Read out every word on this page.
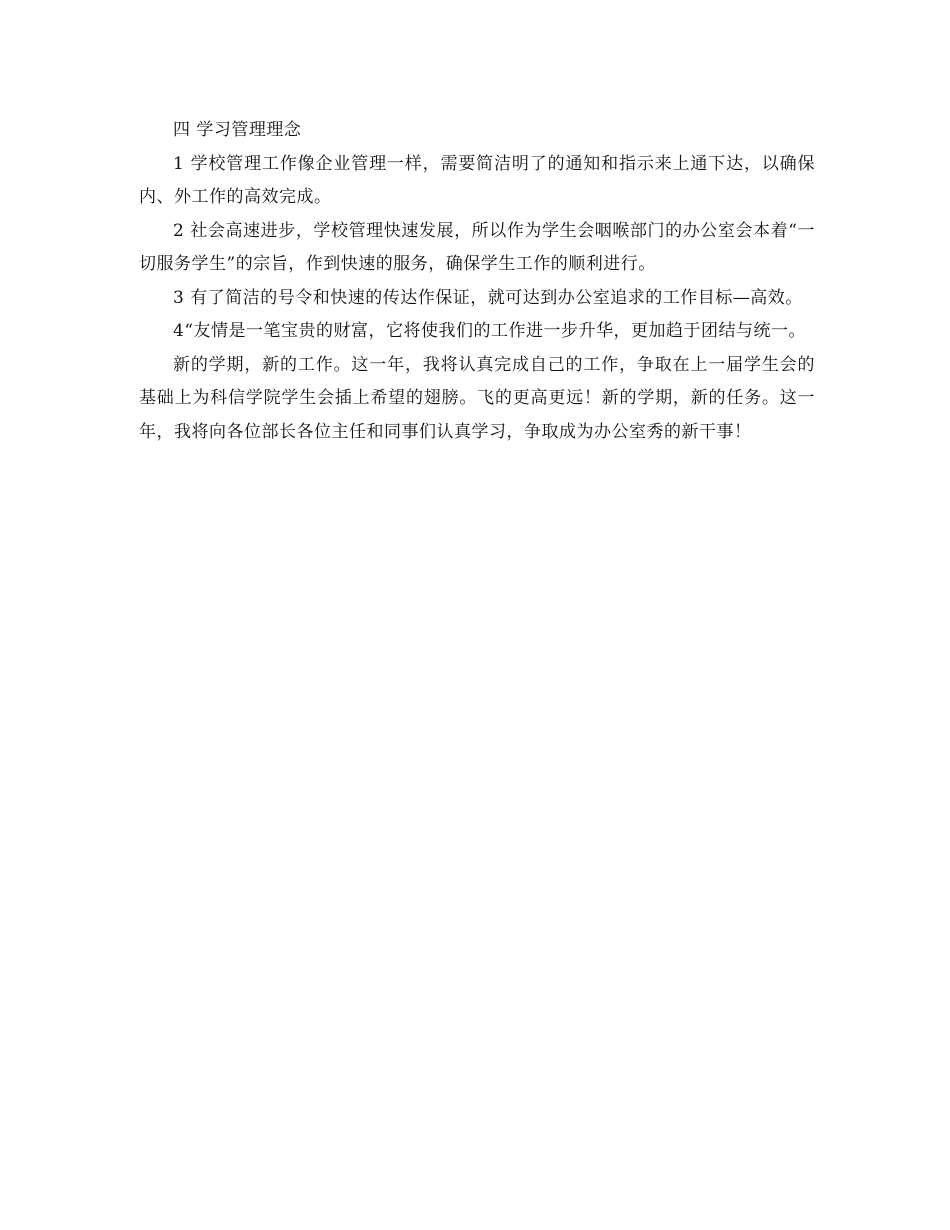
四 学习管理理念

1 学校管理工作像企业管理一样，需要简洁明了的通知和指示来上通下达，以确保内、外工作的高效完成。

2 社会高速进步，学校管理快速发展，所以作为学生会咽喉部门的办公室会本着“一切服务学生”的宗旨，作到快速的服务，确保学生工作的顺利进行。

3 有了简洁的号令和快速的传达作保证，就可达到办公室追求的工作目标—高效。

4“友情是一笔宝贵的财富，它将使我们的工作进一步升华，更加趋于团结与统一。

新的学期，新的工作。这一年，我将认真完成自己的工作，争取在上一届学生会的基础上为科信学院学生会插上希望的翅膀。飞的更高更远！新的学期，新的任务。这一年，我将向各位部长各位主任和同事们认真学习，争取成为办公室秀的新干事！
